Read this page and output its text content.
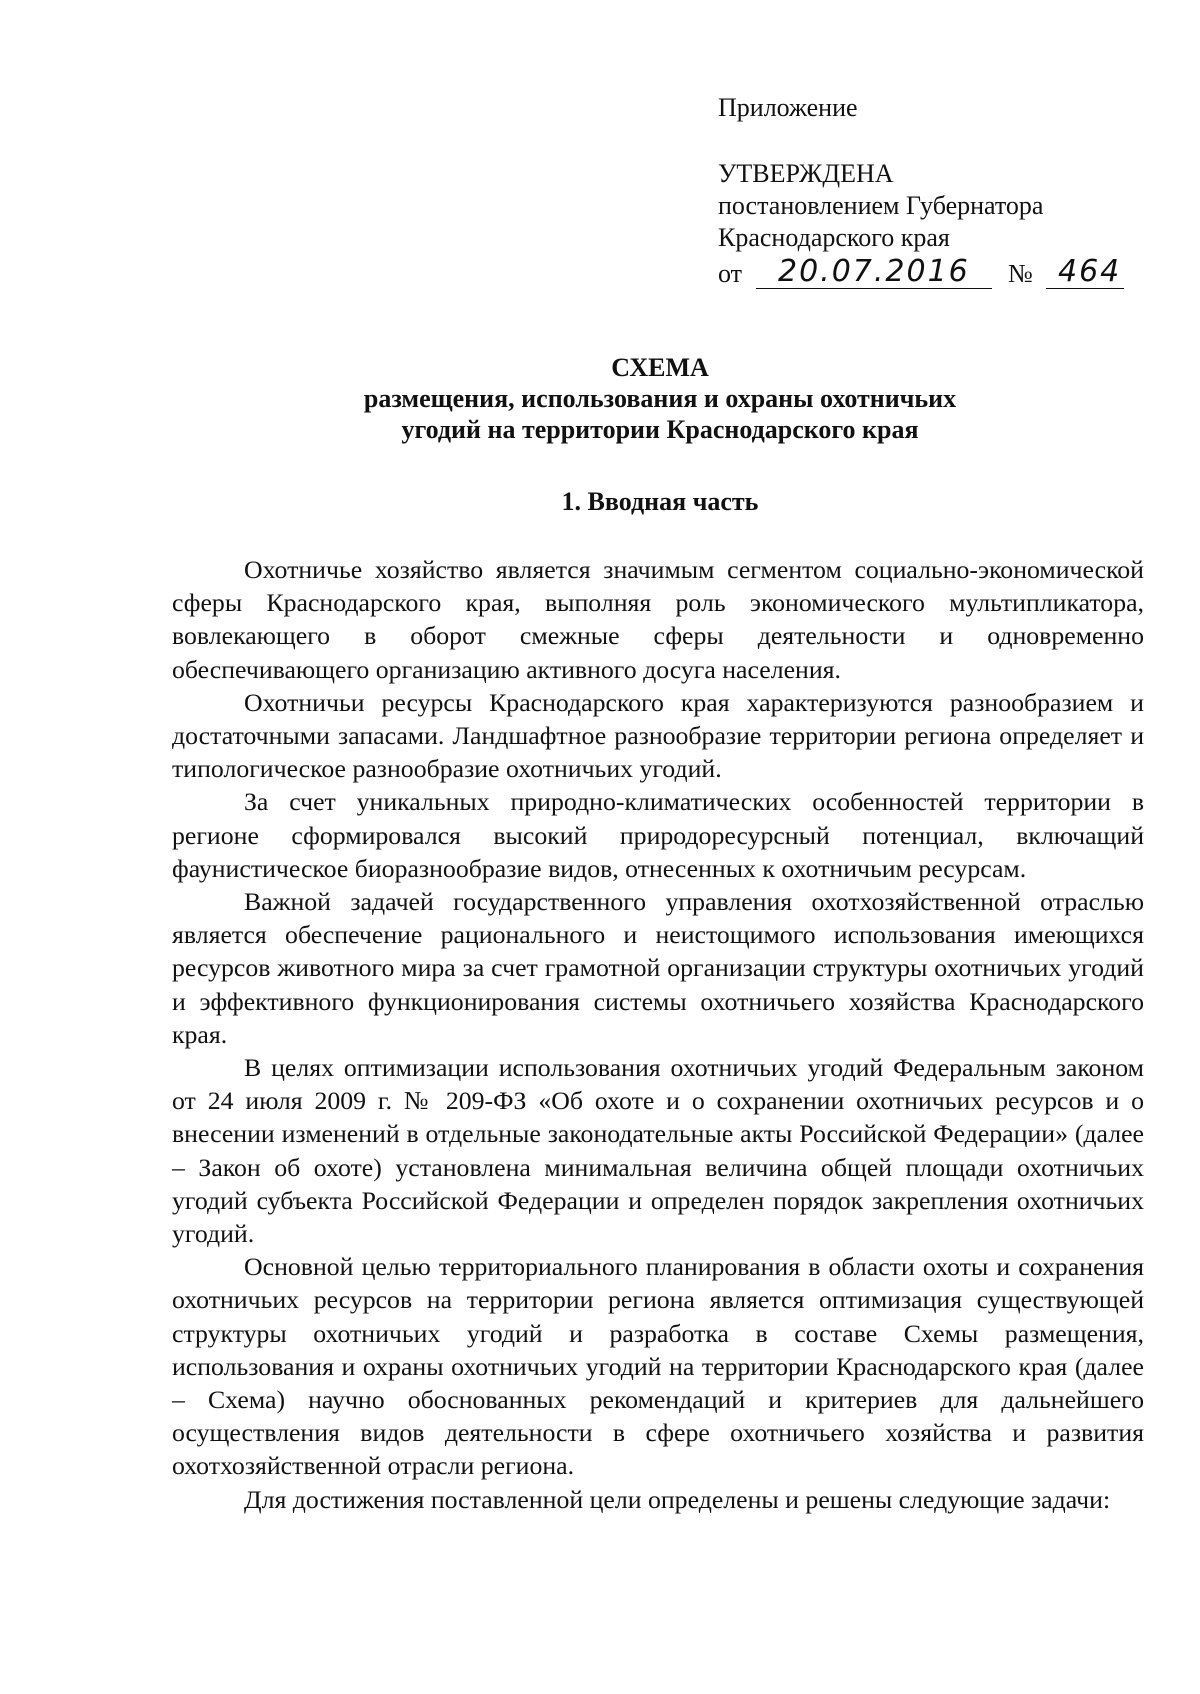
Приложение
УТВЕРЖДЕНА
постановлением Губернатора
Краснодарского края
от 20.07.2016 № 464
СХЕМА
размещения, использования и охраны охотничьих
угодий на территории Краснодарского края
1. Вводная часть

Охотничье хозяйство является значимым сегментом социально-экономической сферы Краснодарского края, выполняя роль экономического мультипликатора, вовлекающего в оборот смежные сферы деятельности и одновременно обеспечивающего организацию активного досуга населения.

Охотничьи ресурсы Краснодарского края характеризуются разнообразием и достаточными запасами. Ландшафтное разнообразие территории региона определяет и типологическое разнообразие охотничьих угодий.

За счет уникальных природно-климатических особенностей территории в регионе сформировался высокий природоресурсный потенциал, включащий фаунистическое биоразнообразие видов, отнесенных к охотничьим ресурсам.

Важной задачей государственного управления охотхозяйственной отраслью является обеспечение рационального и неистощимого использования имеющихся ресурсов животного мира за счет грамотной организации структуры охотничьих угодий и эффективного функционирования системы охотничьего хозяйства Краснодарского края.

В целях оптимизации использования охотничьих угодий Федеральным законом от 24 июля 2009 г. № 209-ФЗ «Об охоте и о сохранении охотничьих ресурсов и о внесении изменений в отдельные законодательные акты Российской Федерации» (далее – Закон об охоте) установлена минимальная величина общей площади охотничьих угодий субъекта Российской Федерации и определен порядок закрепления охотничьих угодий.

Основной целью территориального планирования в области охоты и сохранения охотничьих ресурсов на территории региона является оптимизация существующей структуры охотничьих угодий и разработка в составе Схемы размещения, использования и охраны охотничьих угодий на территории Краснодарского края (далее – Схема) научно обоснованных рекомендаций и критериев для дальнейшего осуществления видов деятельности в сфере охотничьего хозяйства и развития охотхозяйственной отрасли региона.

Для достижения поставленной цели определены и решены следующие задачи:
